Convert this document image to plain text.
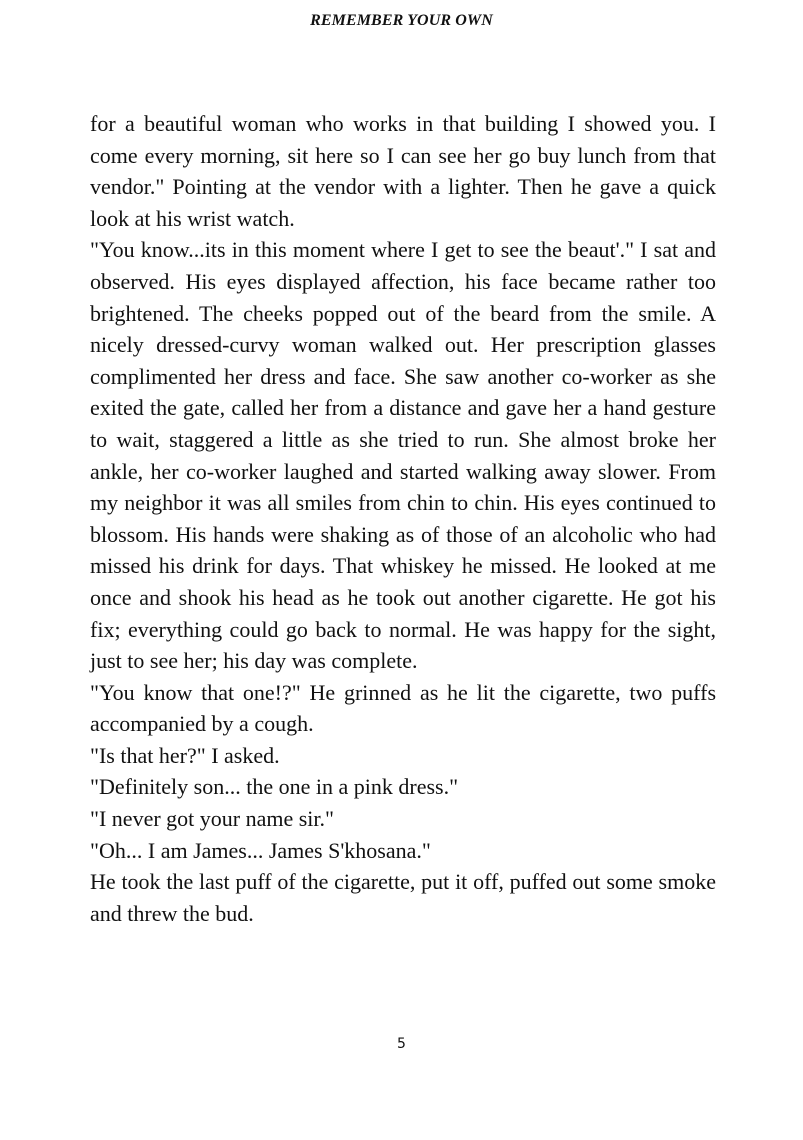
REMEMBER YOUR OWN

for a beautiful woman who works in that building I showed you. I come every morning, sit here so I can see her go buy lunch from that vendor." Pointing at the vendor with a lighter. Then he gave a quick look at his wrist watch.

"You know...its in this moment where I get to see the beaut'." I sat and observed. His eyes displayed affection, his face became rather too brightened. The cheeks popped out of the beard from the smile. A nicely dressed-curvy woman walked out. Her prescription glasses complimented her dress and face. She saw another co-worker as she exited the gate, called her from a distance and gave her a hand gesture to wait, staggered a little as she tried to run. She almost broke her ankle, her co-worker laughed and started walking away slower. From my neighbor it was all smiles from chin to chin. His eyes continued to blossom. His hands were shaking as of those of an alcoholic who had missed his drink for days. That whiskey he missed. He looked at me once and shook his head as he took out another cigarette. He got his fix; everything could go back to normal. He was happy for the sight, just to see her; his day was complete.

"You know that one!?" He grinned as he lit the cigarette, two puffs accompanied by a cough.

"Is that her?" I asked.

"Definitely son... the one in a pink dress."

"I never got your name sir."

"Oh... I am James... James S'khosana."

He took the last puff of the cigarette, put it off, puffed out some smoke and threw the bud.

5
